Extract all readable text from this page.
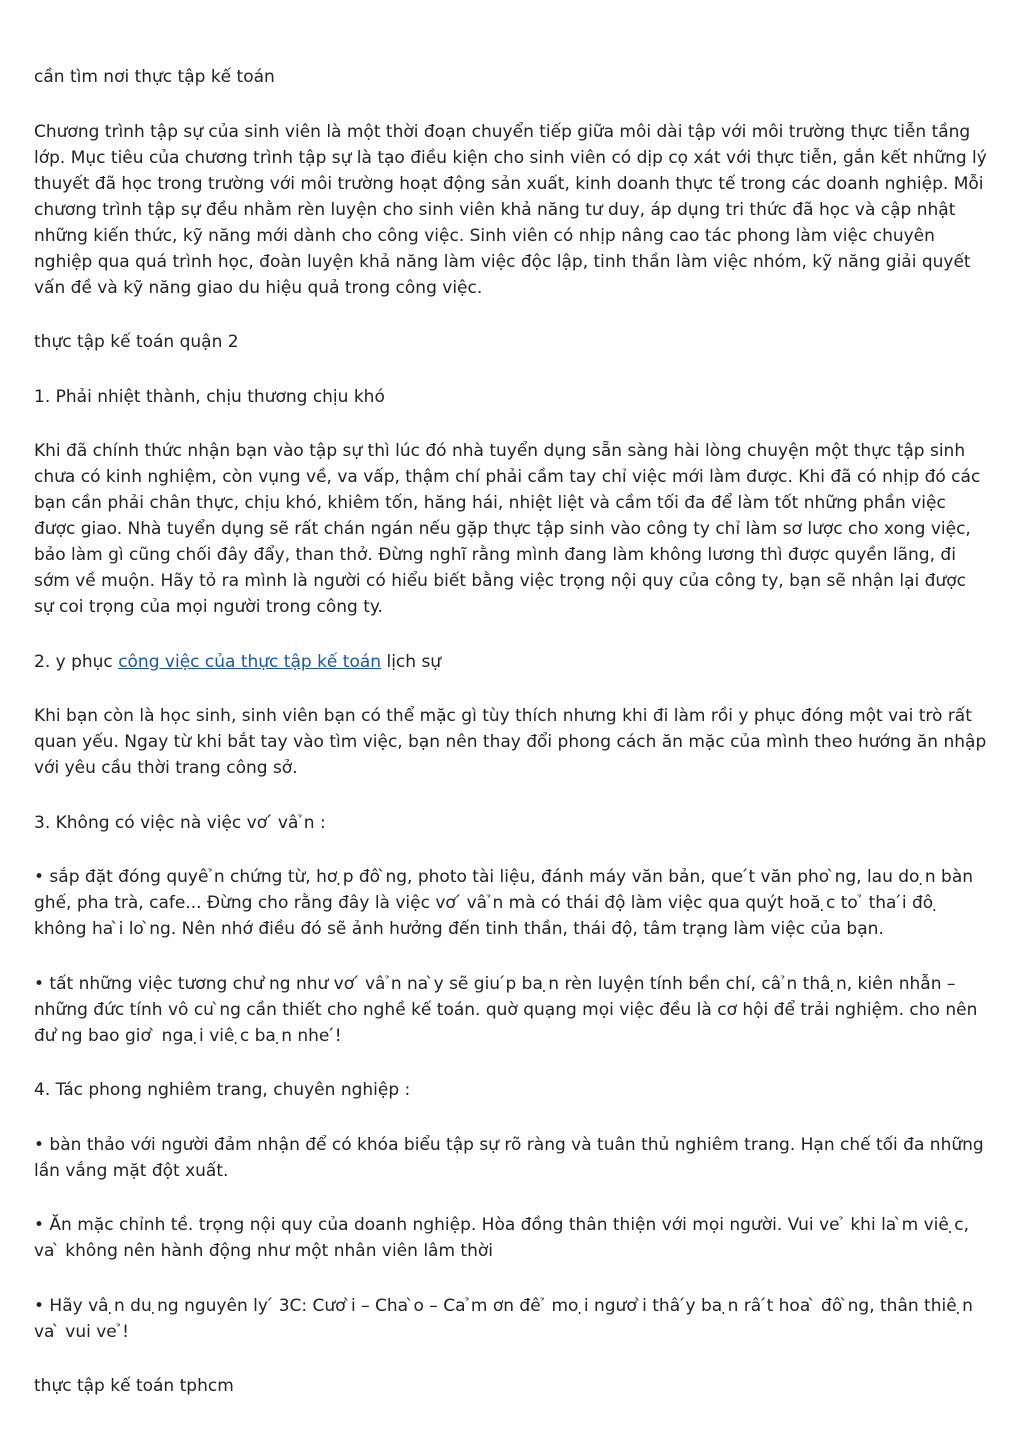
cần tìm nơi thực tập kế toán

Chương trình tập sự của sinh viên là một thời đoạn chuyển tiếp giữa môi dài tập với môi trường thực tiễn tầng lớp. Mục tiêu của chương trình tập sự là tạo điều kiện cho sinh viên có dịp cọ xát với thực tiễn, gắn kết những lý thuyết đã học trong trường với môi trường hoạt động sản xuất, kinh doanh thực tế trong các doanh nghiệp. Mỗi chương trình tập sự đều nhằm rèn luyện cho sinh viên khả năng tư duy, áp dụng tri thức đã học và cập nhật những kiến thức, kỹ năng mới dành cho công việc. Sinh viên có nhịp nâng cao tác phong làm việc chuyên nghiệp qua quá trình học, đoàn luyện khả năng làm việc độc lập, tinh thần làm việc nhóm, kỹ năng giải quyết vấn đề và kỹ năng giao du hiệu quả trong công việc.

thực tập kế toán quận 2

1. Phải nhiệt thành, chịu thương chịu khó

Khi đã chính thức nhận bạn vào tập sự thì lúc đó nhà tuyển dụng sẵn sàng hài lòng chuyện một thực tập sinh chưa có kinh nghiệm, còn vụng về, va vấp, thậm chí phải cầm tay chỉ việc mới làm được. Khi đã có nhịp đó các bạn cần phải chân thực, chịu khó, khiêm tốn, hăng hái, nhiệt liệt và cầm tối đa để làm tốt những phần việc được giao. Nhà tuyển dụng sẽ rất chán ngán nếu gặp thực tập sinh vào công ty chỉ làm sơ lược cho xong việc, bảo làm gì cũng chối đây đẩy, than thở. Đừng nghĩ rằng mình đang làm không lương thì được quyền lãng, đi sớm về muộn. Hãy tỏ ra mình là người có hiểu biết bằng việc trọng nội quy của công ty, bạn sẽ nhận lại được sự coi trọng của mọi người trong công ty.

2. y phục công việc của thực tập kế toán lịch sự

Khi bạn còn là học sinh, sinh viên bạn có thể mặc gì tùy thích nhưng khi đi làm rồi y phục đóng một vai trò rất quan yếu. Ngay từ khi bắt tay vào tìm việc, bạn nên thay đổi phong cách ăn mặc của mình theo hướng ăn nhập với yêu cầu thời trang công sở.

3. Không có việc nà việc vơ ́ vâ ̉n :

• sắp đặt đóng quyê ̉n chứng từ, hơ ̣p đô ̀ng, photo tài liệu, đánh máy văn bản, que ́t văn pho ̀ng, lau do ̣n bàn ghế, pha trà, cafe... Đừng cho rằng đây là việc vơ ́ vâ ̉n mà có thái độ làm việc qua quýt hoă ̣c to ̉ tha ́i đô ̣ không ha ̀i lo ̀ng. Nên nhớ điều đó sẽ ảnh hưởng đến tinh thần, thái độ, tâm trạng làm việc của bạn.

• tất những việc tương chư ̀ng như vơ ́ vâ ̉n na ̀y sẽ giu ́p ba ̣n rèn luyện tính bền chí, câ ̉n thâ ̣n, kiên nhẫn – những đức tính vô cu ̀ng cần thiết cho nghề kế toán. quờ quạng mọi việc đều là cơ hội để trải nghiệm. cho nên đư ̀ng bao giơ ̀ nga ̣i viê ̣c ba ̣n nhe ́!

4. Tác phong nghiêm trang, chuyên nghiệp :

• bàn thảo với người đảm nhận để có khóa biểu tập sự rõ ràng và tuân thủ nghiêm trang. Hạn chế tối đa những lần vắng mặt đột xuất.

• Ăn mặc chỉnh tề. trọng nội quy của doanh nghiệp. Hòa đồng thân thiện với mọi người. Vui ve ̉ khi la ̀m viê ̣c, va ̀ không nên hành động như một nhân viên lâm thời

• Hãy vâ ̣n du ̣ng nguyên ly ́ 3C: Cươ ̀i – Cha ̀o – Ca ̉m ơn đê ̉ mo ̣i ngươ ̀i thâ ́y ba ̣n râ ́t hoa ̀ đô ̀ng, thân thiê ̣n va ̀ vui ve ̉!

thực tập kế toán tphcm
